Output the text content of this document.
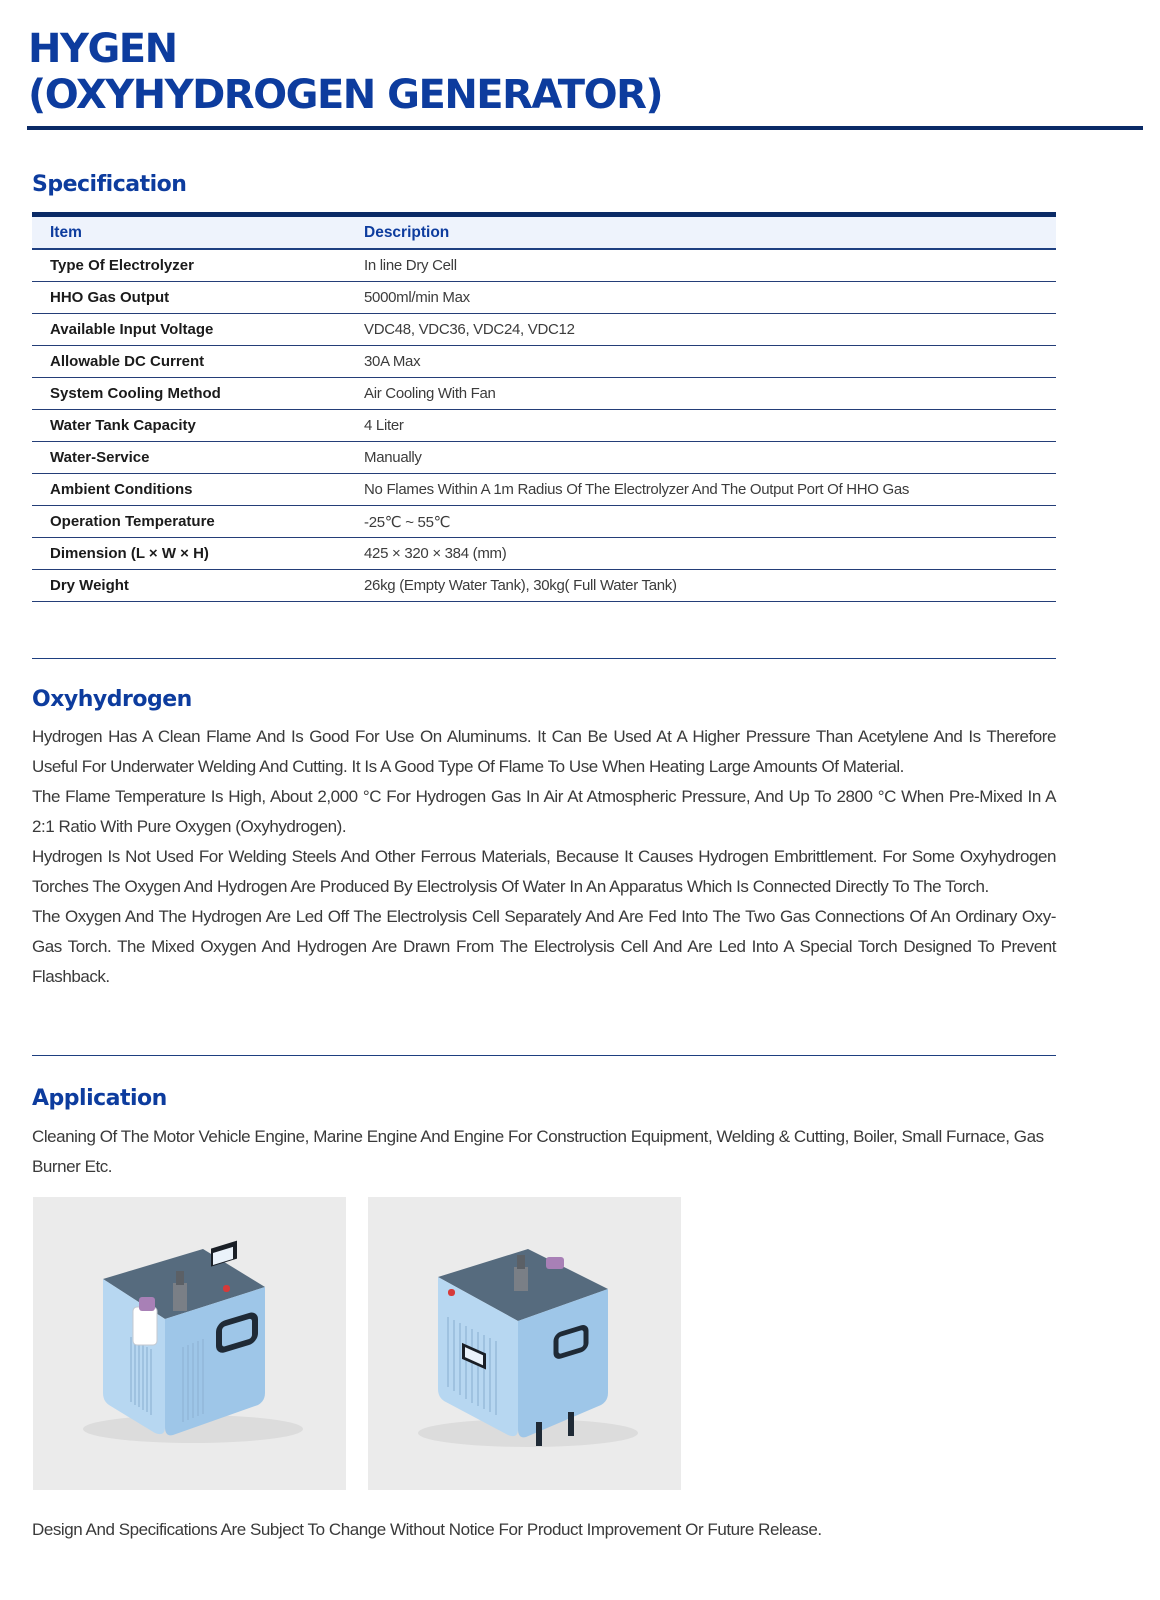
HYGEN
(OXYHYDROGEN GENERATOR)
Specification
Item	Description
Type Of Electrolyzer	In line Dry Cell
HHO Gas Output	5000ml/min Max
Available Input Voltage	VDC48, VDC36, VDC24, VDC12
Allowable DC Current	30A Max
System Cooling Method	Air Cooling With Fan
Water Tank Capacity	4 Liter
Water-Service	Manually
Ambient Conditions	No Flames Within A 1m Radius Of The Electrolyzer And The Output Port Of HHO Gas
Operation Temperature	-25℃ ~ 55℃
Dimension (L × W × H)	425 × 320 × 384 (mm)
Dry Weight	26kg (Empty Water Tank), 30kg( Full Water Tank)
Oxyhydrogen

Hydrogen Has A Clean Flame And Is Good For Use On Aluminums. It Can Be Used At A Higher Pressure Than Acetylene And Is Therefore Useful For Underwater Welding And Cutting. It Is A Good Type Of Flame To Use When Heating Large Amounts Of Material.

The Flame Temperature Is High, About 2,000 °C For Hydrogen Gas In Air At Atmospheric Pressure, And Up To 2800 °C When Pre-Mixed In A 2:1 Ratio With Pure Oxygen (Oxyhydrogen).

Hydrogen Is Not Used For Welding Steels And Other Ferrous Materials, Because It Causes Hydrogen Embrittlement. For Some Oxyhydrogen Torches The Oxygen And Hydrogen Are Produced By Electrolysis Of Water In An Apparatus Which Is Connected Directly To The Torch.

The Oxygen And The Hydrogen Are Led Off The Electrolysis Cell Separately And Are Fed Into The Two Gas Connections Of An Ordinary Oxy-Gas Torch. The Mixed Oxygen And Hydrogen Are Drawn From The Electrolysis Cell And Are Led Into A Special Torch Designed To Prevent Flashback.

Application

Cleaning Of The Motor Vehicle Engine, Marine Engine And Engine For Construction Equipment, Welding & Cutting, Boiler, Small Furnace, Gas Burner Etc.

Design And Specifications Are Subject To Change Without Notice For Product Improvement Or Future Release.
